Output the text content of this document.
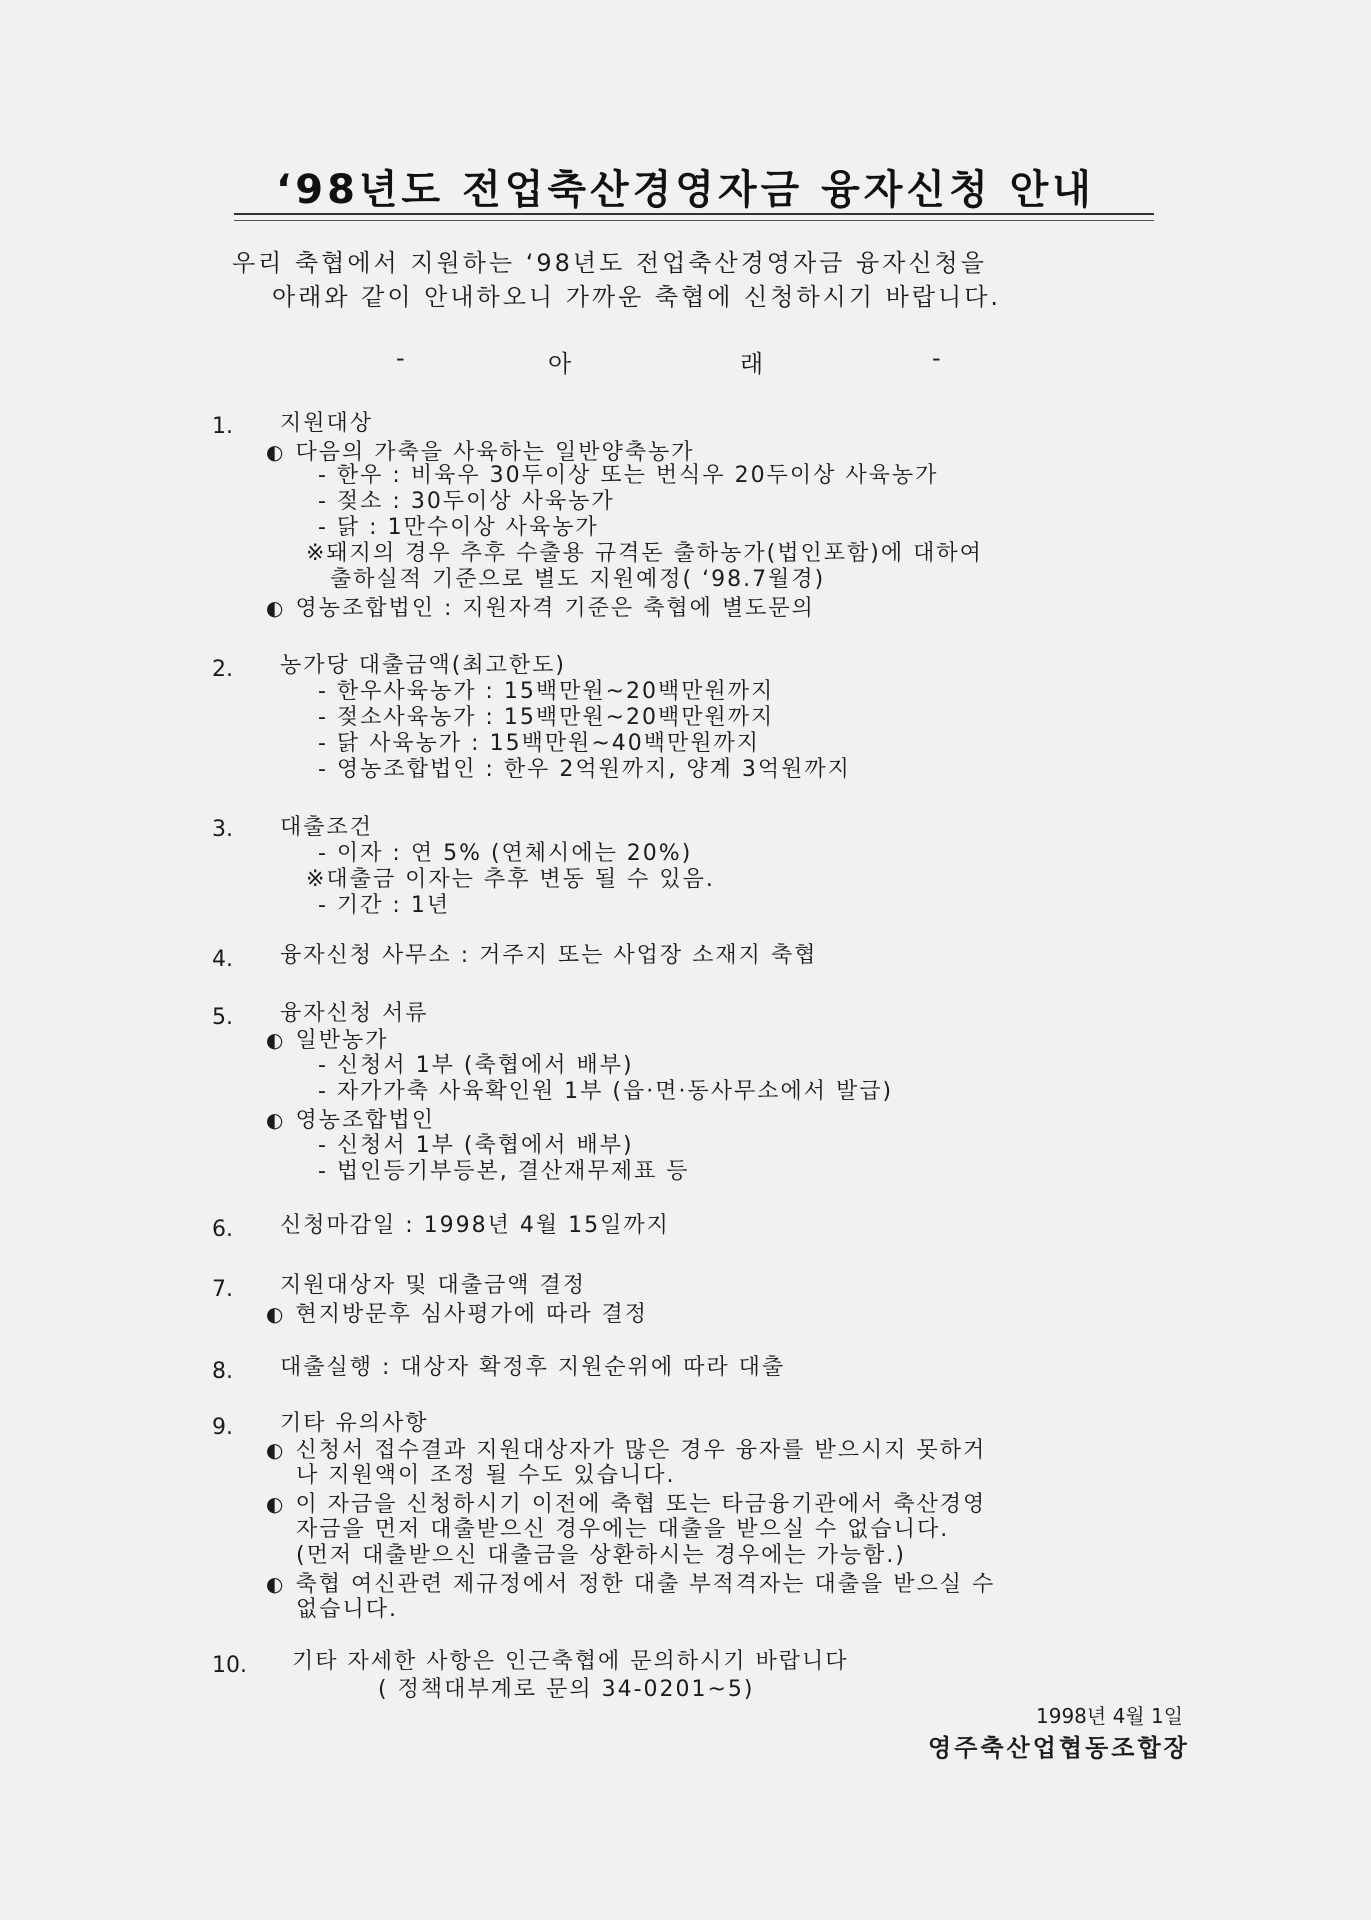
‘98년도 전업축산경영자금 융자신청 안내
우리 축협에서 지원하는 ‘98년도 전업축산경영자금 융자신청을
아래와 같이 안내하오니 가까운 축협에 신청하시기 바랍니다.
-	아	래	-
1. 지원대상
◐ 다음의 가축을 사육하는 일반양축농가
- 한우 : 비육우 30두이상 또는 번식우 20두이상 사육농가
- 젖소 : 30두이상 사육농가
- 닭 : 1만수이상 사육농가
※돼지의 경우 추후 수출용 규격돈 출하농가(법인포함)에 대하여
출하실적 기준으로 별도 지원예정( ‘98.7월경)
◐ 영농조합법인 : 지원자격 기준은 축협에 별도문의
2. 농가당 대출금액(최고한도)
- 한우사육농가 : 15백만원~20백만원까지
- 젖소사육농가 : 15백만원~20백만원까지
- 닭 사육농가 : 15백만원~40백만원까지
- 영농조합법인 : 한우 2억원까지, 양계 3억원까지
3. 대출조건
- 이자 : 연 5% (연체시에는 20%)
※대출금 이자는 추후 변동 될 수 있음.
- 기간 : 1년
4. 융자신청 사무소 : 거주지 또는 사업장 소재지 축협
5. 융자신청 서류
◐ 일반농가
- 신청서 1부 (축협에서 배부)
- 자가가축 사육확인원 1부 (읍·면·동사무소에서 발급)
◐ 영농조합법인
- 신청서 1부 (축협에서 배부)
- 법인등기부등본, 결산재무제표 등
6. 신청마감일 : 1998년 4월 15일까지
7. 지원대상자 및 대출금액 결정
◐ 현지방문후 심사평가에 따라 결정
8. 대출실행 : 대상자 확정후 지원순위에 따라 대출
9. 기타 유의사항
◐ 신청서 접수결과 지원대상자가 많은 경우 융자를 받으시지 못하거
나 지원액이 조정 될 수도 있습니다.
◐ 이 자금을 신청하시기 이전에 축협 또는 타금융기관에서 축산경영
자금을 먼저 대출받으신 경우에는 대출을 받으실 수 없습니다.
(먼저 대출받으신 대출금을 상환하시는 경우에는 가능함.)
◐ 축협 여신관련 제규정에서 정한 대출 부적격자는 대출을 받으실 수
없습니다.
10. 기타 자세한 사항은 인근축협에 문의하시기 바랍니다
( 정책대부계로 문의 34-0201~5)
1998년 4월 1일
영주축산업협동조합장
